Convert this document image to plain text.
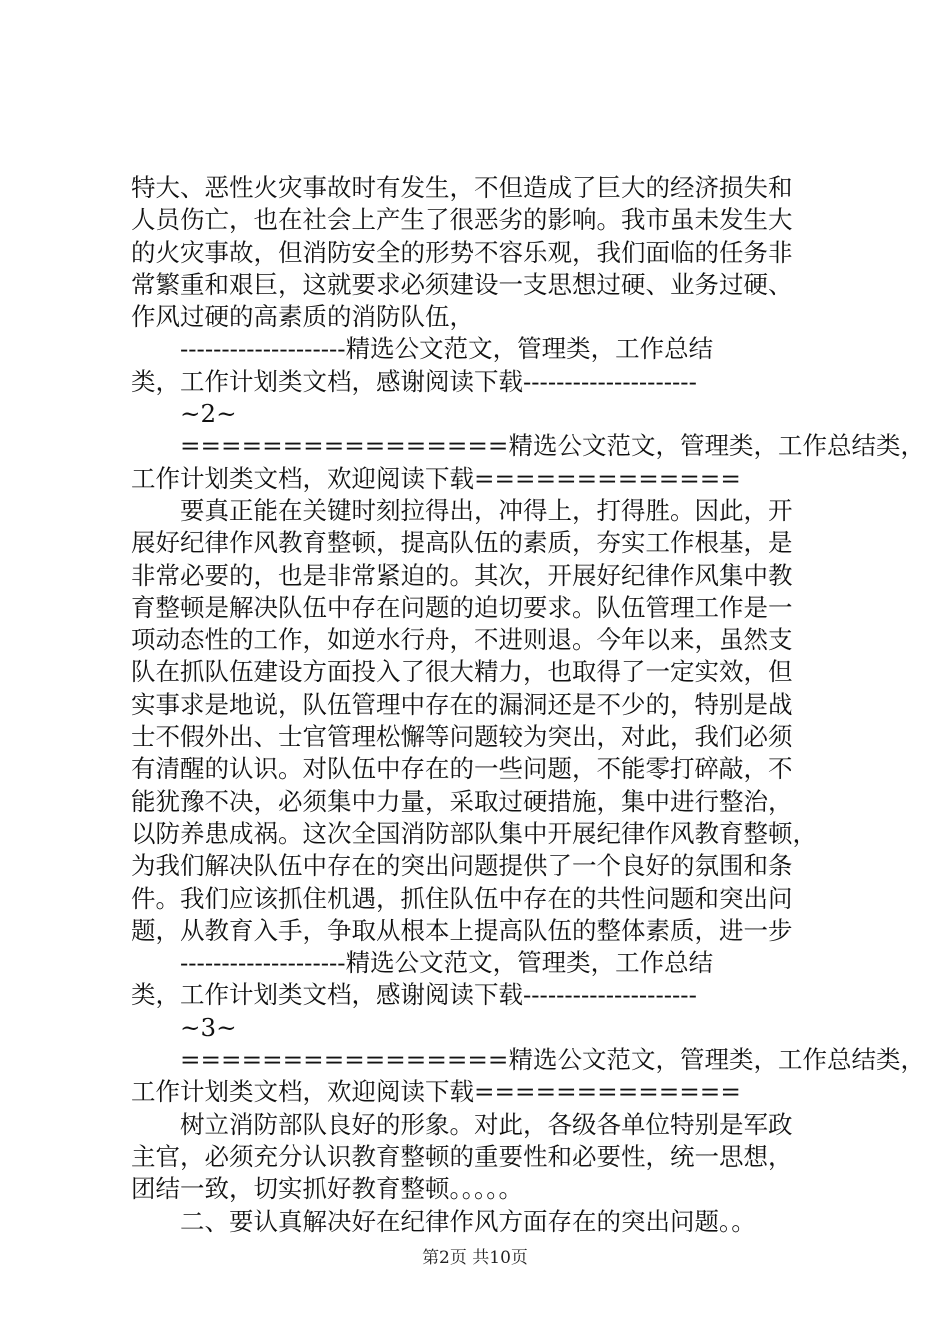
特大、恶性火灾事故时有发生，不但造成了巨大的经济损失和
人员伤亡，也在社会上产生了很恶劣的影响。我市虽未发生大
的火灾事故，但消防安全的形势不容乐观，我们面临的任务非
常繁重和艰巨，这就要求必须建设一支思想过硬、业务过硬、
作风过硬的高素质的消防队伍，
--------------------精选公文范文，管理类，工作总结
类，工作计划类文档，感谢阅读下载---------------------
~2~
================精选公文范文，管理类，工作总结类，
工作计划类文档，欢迎阅读下载=============
要真正能在关键时刻拉得出，冲得上，打得胜。因此，开
展好纪律作风教育整顿，提高队伍的素质，夯实工作根基，是
非常必要的，也是非常紧迫的。其次，开展好纪律作风集中教
育整顿是解决队伍中存在问题的迫切要求。队伍管理工作是一
项动态性的工作，如逆水行舟，不进则退。今年以来，虽然支
队在抓队伍建设方面投入了很大精力，也取得了一定实效，但
实事求是地说，队伍管理中存在的漏洞还是不少的，特别是战
士不假外出、士官管理松懈等问题较为突出，对此，我们必须
有清醒的认识。对队伍中存在的一些问题，不能零打碎敲，不
能犹豫不决，必须集中力量，采取过硬措施，集中进行整治，
以防养患成祸。这次全国消防部队集中开展纪律作风教育整顿，
为我们解决队伍中存在的突出问题提供了一个良好的氛围和条
件。我们应该抓住机遇，抓住队伍中存在的共性问题和突出问
题，从教育入手，争取从根本上提高队伍的整体素质，进一步
--------------------精选公文范文，管理类，工作总结
类，工作计划类文档，感谢阅读下载---------------------
~3~
================精选公文范文，管理类，工作总结类，
工作计划类文档，欢迎阅读下载=============
树立消防部队良好的形象。对此，各级各单位特别是军政
主官，必须充分认识教育整顿的重要性和必要性，统一思想，
团结一致，切实抓好教育整顿。。。。。
二、要认真解决好在纪律作风方面存在的突出问题。。
第2页 共10页
